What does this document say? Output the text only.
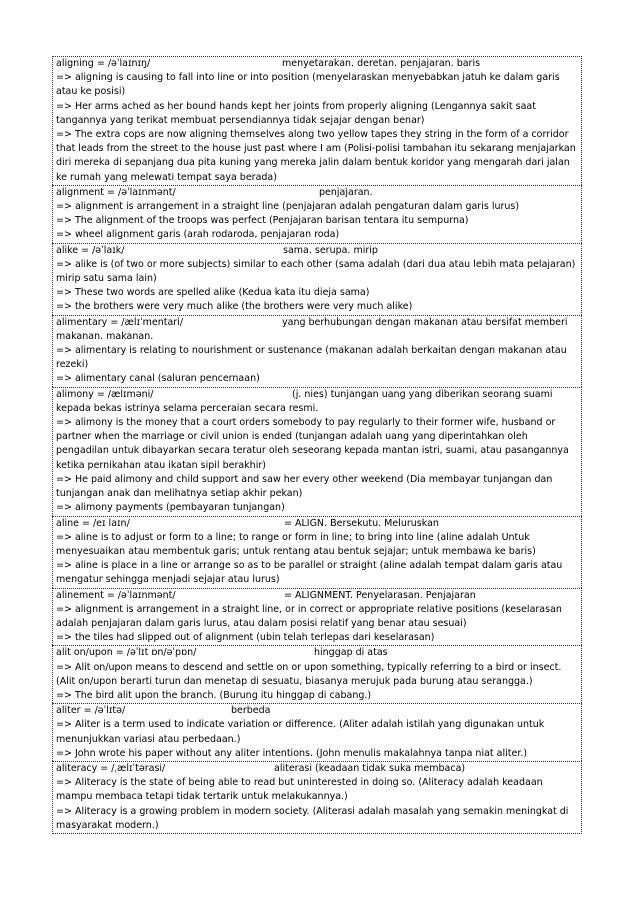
aligning = /əˈlaɪnɪŋ/	menyetarakan. deretan. penjajaran. baris
=> aligning is causing to fall into line or into position (menyelaraskan menyebabkan jatuh ke dalam garis atau ke posisi)
=> Her arms ached as her bound hands kept her joints from properly aligning (Lengannya sakit saat tangannya yang terikat membuat persendiannya tidak sejajar dengan benar)
=> The extra cops are now aligning themselves along two yellow tapes they string in the form of a corridor that leads from the street to the house just past where I am (Polisi-polisi tambahan itu sekarang menjajarkan diri mereka di sepanjang dua pita kuning yang mereka jalin dalam bentuk koridor yang mengarah dari jalan ke rumah yang melewati tempat saya berada)
alignment = /əˈlaɪnmənt/	penjajaran.
=> alignment is arrangement in a straight line (penjajaran adalah pengaturan dalam garis lurus)
=> The alignment of the troops was perfect (Penjajaran barisan tentara itu sempurna)
=> wheel alignment garis (arah rodaroda, penjajaran roda)
alike = /əˈlaɪk/	sama. serupa. mirip
=> alike is (of two or more subjects) similar to each other (sama adalah (dari dua atau lebih mata pelajaran) mirip satu sama lain)
=> These two words are spelled alike (Kedua kata itu dieja sama)
=> the brothers were very much alike (the brothers were very much alike)
alimentary = /ælɪˈmentari/	yang berhubungan dengan makanan atau bersifat memberi makanan. makanan.
=> alimentary is relating to nourishment or sustenance (makanan adalah berkaitan dengan makanan atau rezeki)
=> alimentary canal (saluran pencernaan)
alimony = /ælɪməni/	(j. nies) tunjangan uang yang diberikan seorang suami kepada bekas istrinya selama perceraian secara resmi.
=> alimony is the money that a court orders somebody to pay regularly to their former wife, husband or partner when the marriage or civil union is ended (tunjangan adalah uang yang diperintahkan oleh pengadilan untuk dibayarkan secara teratur oleh seseorang kepada mantan istri, suami, atau pasangannya ketika pernikahan atau ikatan sipil berakhir)
=> He paid alimony and child support and saw her every other weekend (Dia membayar tunjangan dan tunjangan anak dan melihatnya setiap akhir pekan)
=> alimony payments (pembayaran tunjangan)
aline = /eɪ laɪn/	= ALIGN. Bersekutu. Meluruskan
=> aline is to adjust or form to a line; to range or form in line; to bring into line (aline adalah Untuk menyesuaikan atau membentuk garis; untuk rentang atau bentuk sejajar; untuk membawa ke baris)
=> aline is place in a line or arrange so as to be parallel or straight (aline adalah tempat dalam garis atau mengatur sehingga menjadi sejajar atau lurus)
alinement = /əˈlaɪnmənt/	= ALIGNMENT. Penyelarasan. Penjajaran
=> alignment is arrangement in a straight line, or in correct or appropriate relative positions (keselarasan adalah penjajaran dalam garis lurus, atau dalam posisi relatif yang benar atau sesuai)
=> the tiles had slipped out of alignment (ubin telah terlepas dari keselarasan)
alit on/upon = /əˈlɪt ɒn/əˈpɒn/	hinggap di atas
=> Alit on/upon means to descend and settle on or upon something, typically referring to a bird or insect. (Alit on/upon berarti turun dan menetap di sesuatu, biasanya merujuk pada burung atau serangga.)
=> The bird alit upon the branch. (Burung itu hinggap di cabang.)
aliter = /əˈlɪtə/	berbeda
=> Aliter is a term used to indicate variation or difference. (Aliter adalah istilah yang digunakan untuk menunjukkan variasi atau perbedaan.)
=> John wrote his paper without any aliter intentions. (John menulis makalahnya tanpa niat aliter.)
aliteracy = /ˌælɪˈtərasi/	aliterasi (keadaan tidak suka membaca)
=> Aliteracy is the state of being able to read but uninterested in doing so. (Aliteracy adalah keadaan mampu membaca tetapi tidak tertarik untuk melakukannya.)
=> Aliteracy is a growing problem in modern society. (Aliterasi adalah masalah yang semakin meningkat di masyarakat modern.)
